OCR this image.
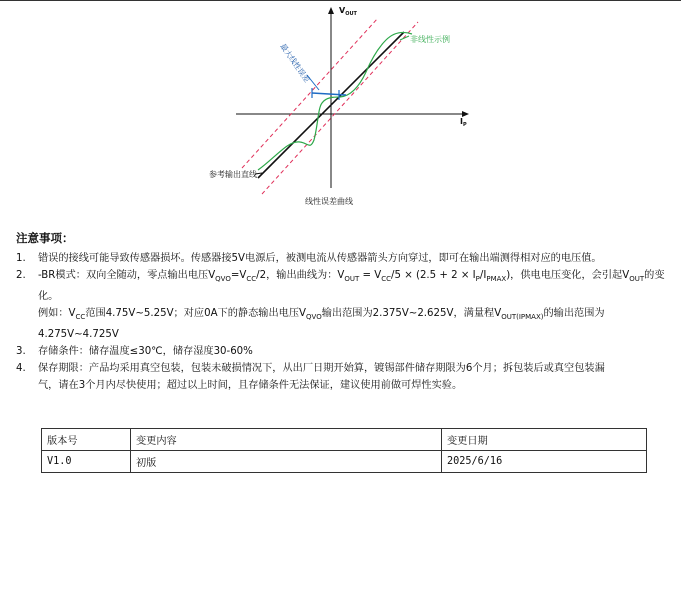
$V_{OUT}$
$I_P$
最大线性误差
非线性示例
参考输出直线
线性误差曲线
注意事项：
1. 错误的接线可能导致传感器损坏。传感器接5V电源后，被测电流从传感器箭头方向穿过，即可在输出端测得相对应的电压值。
2. -BR模式：双向全随动，零点输出电压$V_{QVO}=V_{CC}/2$，输出曲线为：$V_{OUT} = V_{CC}/5 \times (2.5 + 2 \times I_P/I_{PMAX})$，供电电压变化，会引起$V_{OUT}$的变化。
例如：$V_{CC}$范围4.75V~5.25V；对应0A下的静态输出电压$V_{QVO}$输出范围为2.375V~2.625V，满量程$V_{OUT(IPMAX)}$的输出范围为
4.275V~4.725V
3. 存储条件：储存温度≤30℃，储存湿度30-60%
4. 保存期限：产品均采用真空包装，包装未破损情况下，从出厂日期开始算，镀锡部件储存期限为6个月；拆包装后或真空包装漏
气，请在3个月内尽快使用；超过以上时间，且存储条件无法保证，建议使用前做可焊性实验。
版本号	变更内容	变更日期
V1.0	初版	2025/6/16
